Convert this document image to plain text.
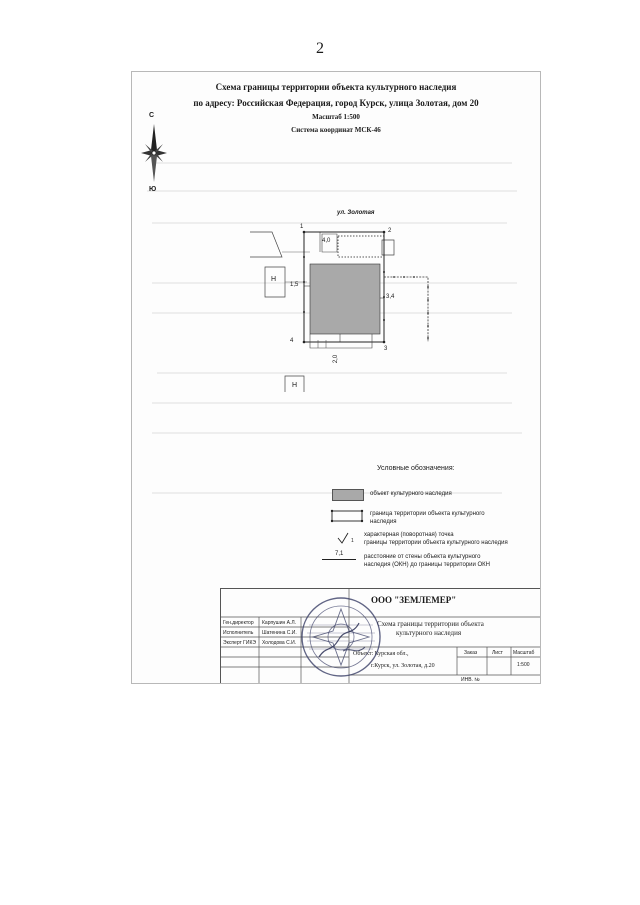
2
Схема границы территории объекта культурного наследия
по адресу: Российская Федерация, город Курск, улица Золотая, дом 20
Масштаб 1:500
Система координат МСК-46
С
Ю
ул. Золотая
1
2
3
4
Н
Н
1,5
3,4
2,0
4,0
Условные обозначения:
объект культурного наследия
граница территории объекта культурного
наследия
1
характерная (поворотная) точка
границы территории объекта культурного наследия
7,1	расстояние от стены объекта культурного
наследия (ОКН) до границы территории ОКН
ООО "ЗЕМЛЕМЕР"
Схема границы территории объекта
культурного наследия
Ген.директор
Исполнитель
Эксперт ГИКЭ
Карпушин А.Л.
Шатенина С.И.
Холодова С.И.
Объект: Курская обл.,
г.Курск, ул. Золотая, д.20
Заказ	Лист Масштаб
1:500
ИНВ. №
